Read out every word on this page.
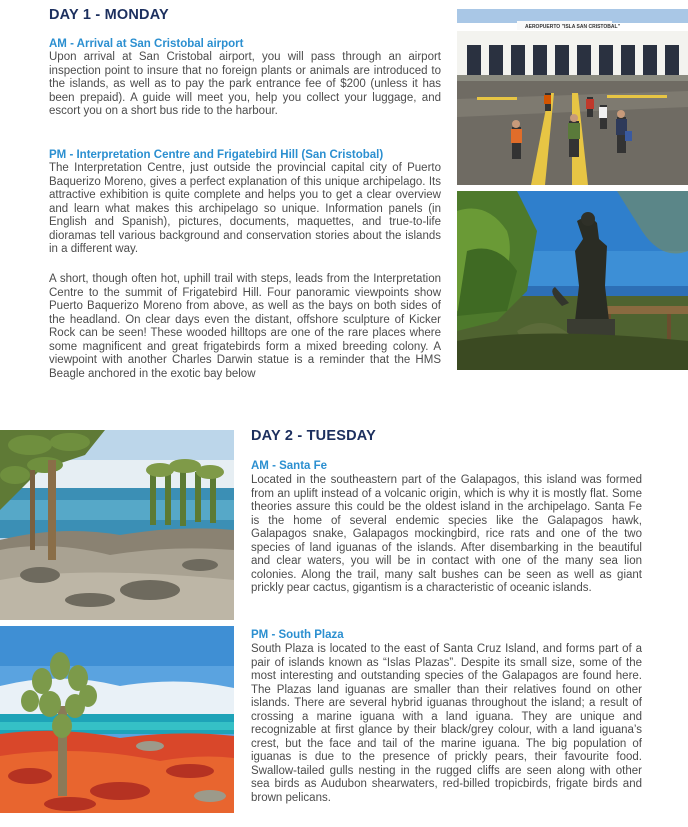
DAY 1 - MONDAY
AM - Arrival at San Cristobal airport

Upon arrival at San Cristobal airport, you will pass through an airport inspection point to insure that no foreign plants or animals are introduced to the islands, as well as to pay the park entrance fee of $200 (unless it has been prepaid). A guide will meet you, help you collect your luggage, and escort you on a short bus ride to the harbour.

PM - Interpretation Centre and Frigatebird Hill (San Cristobal)

The Interpretation Centre, just outside the provincial capital city of Puerto Baquerizo Moreno, gives a perfect explanation of this unique archipelago. Its attractive exhibition is quite complete and helps you to get a clear overview and learn what makes this archipelago so unique. Information panels (in English and Spanish), pictures, documents, maquettes, and true-to-life dioramas tell various background and conservation stories about the islands in a different way.

A short, though often hot, uphill trail with steps, leads from the Interpretation Centre to the summit of Frigatebird Hill. Four panoramic viewpoints show Puerto Baquerizo Moreno from above, as well as the bays on both sides of the headland. On clear days even the distant, offshore sculpture of Kicker Rock can be seen! These wooded hilltops are one of the rare places where some magnificent and great frigatebirds form a mixed breeding colony. A viewpoint with another Charles Darwin statue is a reminder that the HMS Beagle anchored in the exotic bay below

AEROPUERTO "ISLA SAN CRISTOBAL"
DAY 2 - TUESDAY
AM - Santa Fe

Located in the southeastern part of the Galapagos, this island was formed from an uplift instead of a volcanic origin, which is why it is mostly flat. Some theories assure this could be the oldest island in the archipelago. Santa Fe is the home of several endemic species like the Galapagos hawk, Galapagos snake, Galapagos mockingbird, rice rats and one of the two species of land iguanas of the islands. After disembarking in the beautiful and clear waters, you will be in contact with one of the many sea lion colonies. Along the trail, many salt bushes can be seen as well as giant prickly pear cactus, gigantism is a characteristic of oceanic islands.

PM - South Plaza

South Plaza is located to the east of Santa Cruz Island, and forms part of a pair of islands known as “Islas Plazas”. Despite its small size, some of the most interesting and outstanding species of the Galapagos are found here. The Plazas land iguanas are smaller than their relatives found on other islands. There are several hybrid iguanas throughout the island; a result of crossing a marine iguana with a land iguana. They are unique and recognizable at first glance by their black/grey colour, with a land iguana’s crest, but the face and tail of the marine iguana. The big population of iguanas is due to the presence of prickly pears, their favourite food. Swallow-tailed gulls nesting in the rugged cliffs are seen along with other sea birds as Audubon shearwaters, red-billed tropicbirds, frigate birds and brown pelicans.
